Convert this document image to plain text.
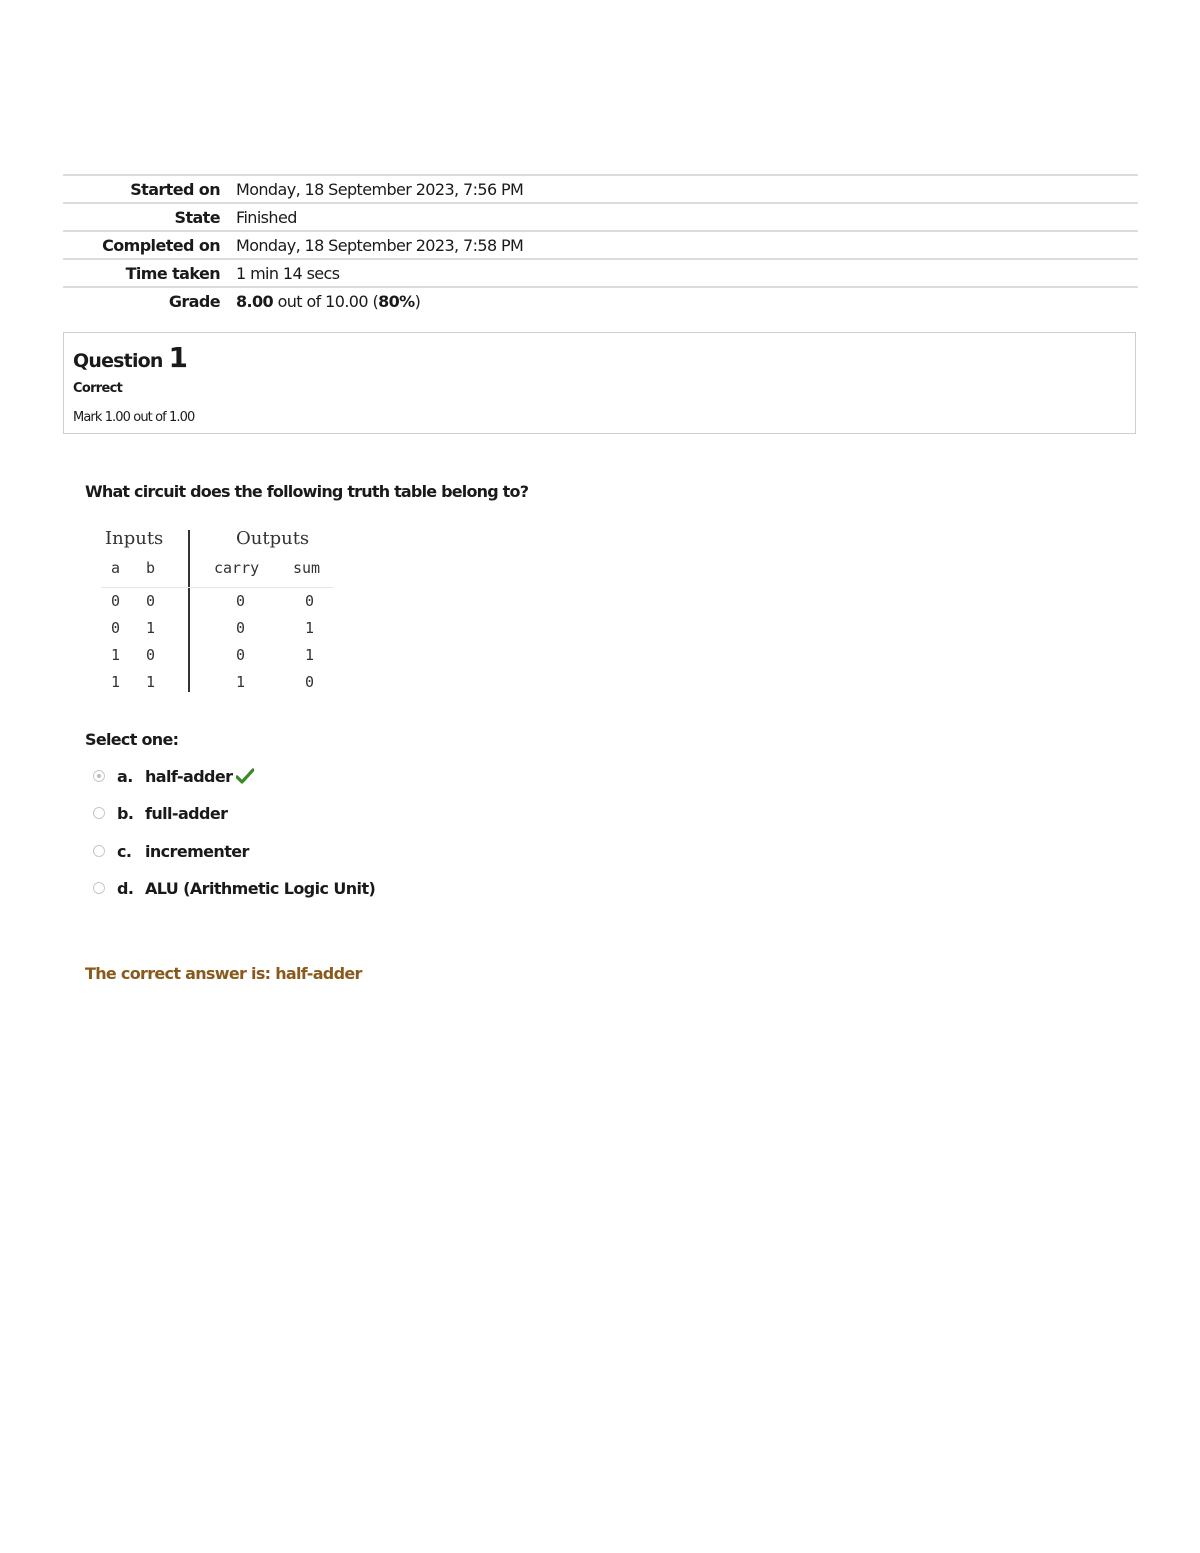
Started on	Monday, 18 September 2023, 7:56 PM
State	Finished
Completed on	Monday, 18 September 2023, 7:58 PM
Time taken	1 min 14 secs
Grade	8.00 out of 10.00 (80%)
Question 1
Correct
Mark 1.00 out of 1.00
What circuit does the following truth table belong to?
Inputs	Outputs
a b	carry sum
0 0	0	0
0 1	0	1
1 0	0	1
1 1	1	0
Select one:
a. half-adder
b. full-adder
c. incrementer
d. ALU (Arithmetic Logic Unit)
The correct answer is: half-adder
